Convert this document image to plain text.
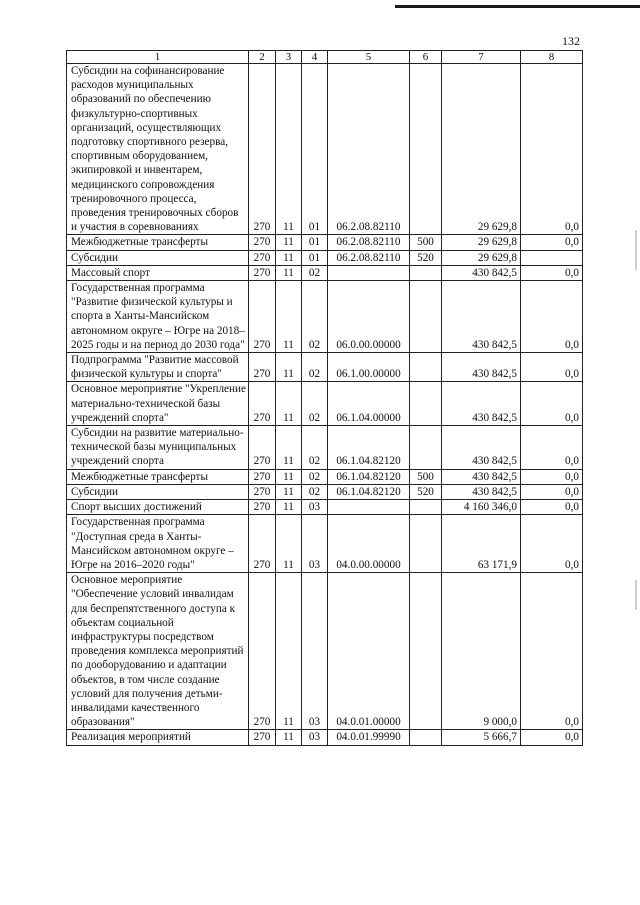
132
1	2	3	4	5	6	7	8
Субсидии на софинансирование расходов муниципальных образований по обеспечению физкультурно-спортивных организаций, осуществляющих подготовку спортивного резерва, спортивным оборудованием, экипировкой и инвентарем, медицинского сопровождения тренировочного процесса, проведения тренировочных сборов и участия в соревнованиях	270	11	01	06.2.08.82110		29 629,8	0,0
Межбюджетные трансферты	270	11	01	06.2.08.82110	500	29 629,8	0,0
Субсидии	270	11	01	06.2.08.82110	520	29 629,8	
Массовый спорт	270	11	02			430 842,5	0,0
Государственная программа "Развитие физической культуры и спорта в Ханты-Мансийском автономном округе – Югре на 2018–2025 годы и на период до 2030 года"	270	11	02	06.0.00.00000		430 842,5	0,0
Подпрограмма "Развитие массовой физической культуры и спорта"	270	11	02	06.1.00.00000		430 842,5	0,0
Основное мероприятие "Укрепление материально-технической базы учреждений спорта"	270	11	02	06.1.04.00000		430 842,5	0,0
Субсидии на развитие материально-технической базы муниципальных учреждений спорта	270	11	02	06.1.04.82120		430 842,5	0,0
Межбюджетные трансферты	270	11	02	06.1.04.82120	500	430 842,5	0,0
Субсидии	270	11	02	06.1.04.82120	520	430 842,5	0,0
Спорт высших достижений	270	11	03			4 160 346,0	0,0
Государственная программа "Доступная среда в Ханты-Мансийском автономном округе – Югре на 2016–2020 годы"	270	11	03	04.0.00.00000		63 171,9	0,0
Основное мероприятие "Обеспечение условий инвалидам для беспрепятственного доступа к объектам социальной инфраструктуры посредством проведения комплекса мероприятий по дооборудованию и адаптации объектов, в том числе создание условий для получения детьми-инвалидами качественного образования"	270	11	03	04.0.01.00000		9 000,0	0,0
Реализация мероприятий	270	11	03	04.0.01.99990		5 666,7	0,0
